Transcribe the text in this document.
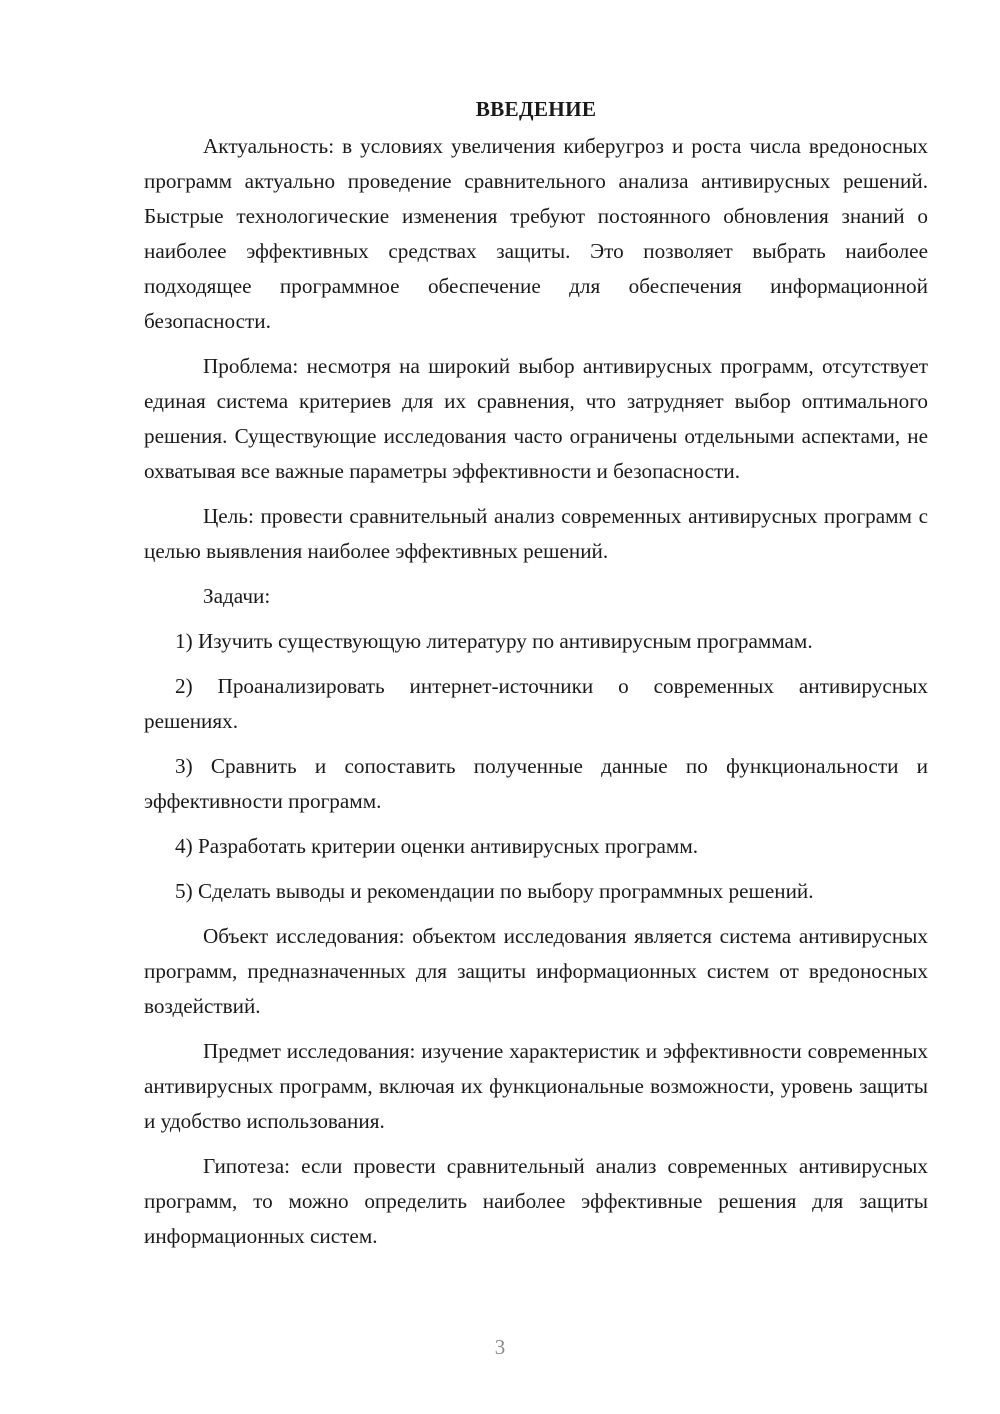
ВВЕДЕНИЕ

Актуальность: в условиях увеличения киберугроз и роста числа вредоносных программ актуально проведение сравнительного анализа антивирусных решений. Быстрые технологические изменения требуют постоянного обновления знаний о наиболее эффективных средствах защиты. Это позволяет выбрать наиболее подходящее программное обеспечение для обеспечения информационной безопасности.

Проблема: несмотря на широкий выбор антивирусных программ, отсутствует единая система критериев для их сравнения, что затрудняет выбор оптимального решения. Существующие исследования часто ограничены отдельными аспектами, не охватывая все важные параметры эффективности и безопасности.

Цель: провести сравнительный анализ современных антивирусных программ с целью выявления наиболее эффективных решений.

Задачи:

1) Изучить существующую литературу по антивирусным программам.

2) Проанализировать интернет-источники о современных антивирусных решениях.

3) Сравнить и сопоставить полученные данные по функциональности и эффективности программ.

4) Разработать критерии оценки антивирусных программ.

5) Сделать выводы и рекомендации по выбору программных решений.

Объект исследования: объектом исследования является система антивирусных программ, предназначенных для защиты информационных систем от вредоносных воздействий.

Предмет исследования: изучение характеристик и эффективности современных антивирусных программ, включая их функциональные возможности, уровень защиты и удобство использования.

Гипотеза: если провести сравнительный анализ современных антивирусных программ, то можно определить наиболее эффективные решения для защиты информационных систем.

3
